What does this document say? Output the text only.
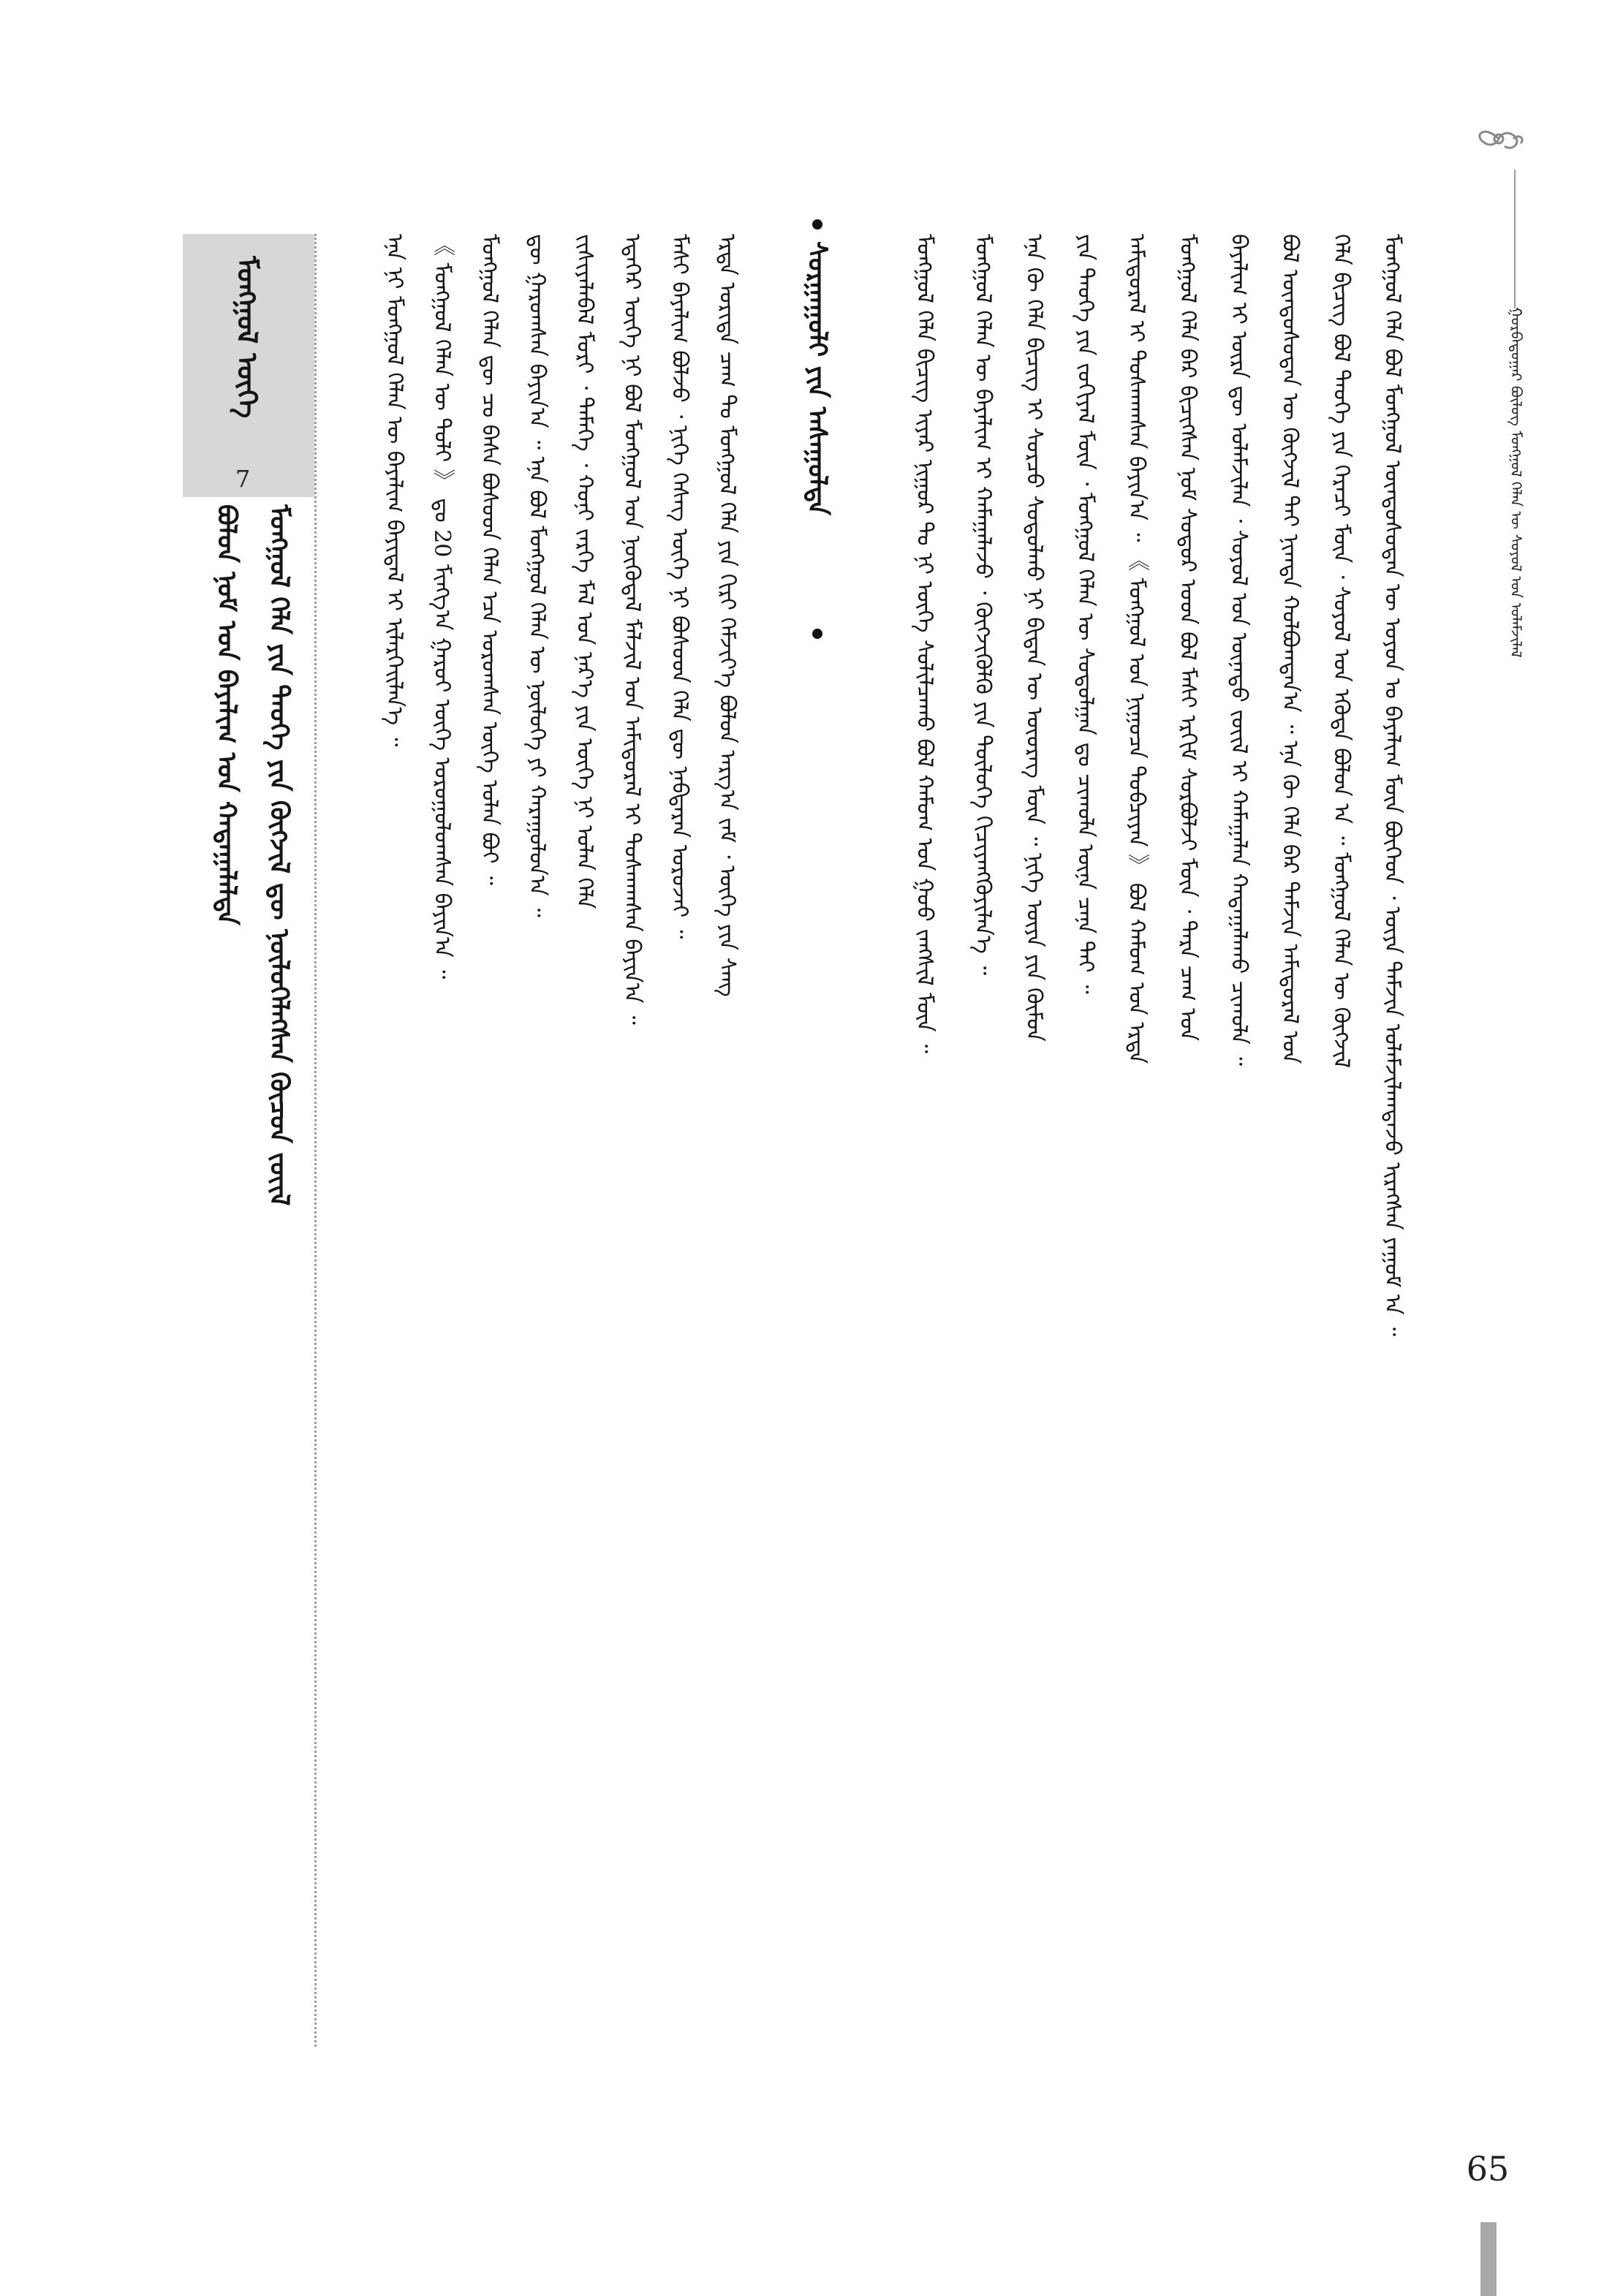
ᠭᠤᠷᠪᠠᠳᠤᠭᠠᠷ ᠪᠦᠯᠦᠭ ᠮᠣᠩᠭᠣᠯ ᠬᠡᠯᠡᠨ ᠦ ᠰᠣᠶᠣᠯ ᠤᠨ ᠤᠯᠠᠮᠵᠢᠯᠠᠯ
ᠮᠣᠩᠭᠣᠯ ᠬᠡᠯᠡ ᠪᠣᠯ ᠮᠣᠩᠭᠣᠯ ᠦᠨᠳᠦᠰᠦᠲᠡᠨ ᠦ ᠣᠶᠤᠨ ᠤ ᠪᠠᠶᠠᠯᠢᠭ ᠮᠥᠨ ᠪᠥᠭᠡᠳ ᠂ ᠦᠶᠡ ᠳᠠᠮᠵᠢᠨ ᠤᠯᠠᠮᠵᠢᠯᠠᠭᠳᠠᠵᠤ ᠢᠷᠡᠭᠰᠡᠨ ᠶᠠᠭᠤᠮ ᠠ ᠃
ᠬᠡᠯᠡ ᠪᠢᠴᠢᠭ ᠪᠣᠯ ᠲᠡᠦᠬᠡ ᠶᠢᠨ ᠭᠡᠷᠡᠴᠢ ᠮᠥᠨ ᠂ ᠰᠣᠶᠣᠯ ᠤᠨ ᠡᠭᠦᠳᠡ ᠪᠣᠯᠤᠨ ᠠ ᠃ ᠮᠣᠩᠭᠣᠯ ᠬᠡᠯᠡᠨ ᠦ ᠬᠥᠭᠵᠢᠯ
ᠪᠣᠯ ᠦᠨᠳᠦᠰᠦᠲᠡᠨ ᠦ ᠬᠥᠭᠵᠢᠯ ᠲᠡᠢ ᠨᠢᠭᠲᠠ ᠬᠣᠯᠪᠣᠭᠳᠠᠨ᠎ᠠ ᠃ ᠡᠨᠡ ᠬᠦ ᠬᠡᠯᠡ ᠪᠠᠷ ᠳᠠᠮᠵᠢᠨ ᠠᠮᠢᠳᠤᠷᠠᠯ ᠤᠨ
ᠪᠠᠶᠠᠯᠢᠭ ᠢ ᠦᠷᠡ ᠳᠦ ᠤᠯᠠᠮᠵᠢᠯᠠᠨ ᠂ ᠰᠣᠶᠣᠯ ᠤᠨ ᠦᠨᠡᠲᠦ ᠵᠦᠢᠯ ᠢ ᠬᠠᠮᠠᠭᠠᠯᠠᠨ ᠬᠠᠳᠠᠭᠠᠯᠠᠬᠤ ᠴᠢᠬᠤᠯᠠ ᠃
ᠮᠣᠩᠭᠣᠯ ᠬᠡᠯᠡ ᠪᠠᠷ ᠪᠢᠴᠢᠭᠰᠡᠨ ᠨᠣᠮ ᠰᠤᠳᠤᠷ ᠤᠳ ᠪᠣᠯ ᠮᠠᠰᠢ ᠡᠷᠬᠢᠮ ᠰᠤᠷᠪᠤᠯᠵᠢ ᠮᠥᠨ ᠂ ᠲᠡᠷᠡ ᠴᠠᠭ ᠤᠨ
ᠠᠮᠢᠳᠤᠷᠠᠯ ᠢ ᠲᠤᠰᠬᠠᠭᠰᠠᠨ ᠪᠠᠶᠢᠨ᠎ᠠ ᠃ 《 ᠮᠣᠩᠭᠣᠯ ᠤᠨ ᠨᠢᠭᠤᠴᠠ ᠲᠣᠪᠴᠢᠶᠠᠨ 》 ᠪᠣᠯ ᠬᠠᠮᠤᠭ ᠤᠨ ᠡᠷᠲᠡ
ᠶᠢᠨ ᠲᠡᠦᠬᠡ ᠶᠢᠨ ᠵᠣᠬᠢᠶᠠᠯ ᠮᠥᠨ ᠂ ᠮᠣᠩᠭᠣᠯ ᠬᠡᠯᠡᠨ ᠦ ᠰᠤᠳᠤᠯᠭᠠᠨ ᠳᠤ ᠴᠢᠬᠤᠯᠠ ᠦᠨᠡ ᠴᠡᠨᠡ ᠲᠡᠢ ᠃
ᠡᠨᠡ ᠬᠦ ᠬᠡᠯᠡ ᠪᠢᠴᠢᠭ ᠢ ᠰᠤᠷᠴᠤ ᠰᠤᠳᠤᠯᠬᠤ ᠨᠢ ᠪᠢᠳᠡᠨ ᠦ ᠦᠦᠷᠡᠭ ᠮᠥᠨ ᠃ ᠨᠢᠭᠡ ᠦᠶᠡ ᠶᠢᠨ ᠬᠦᠮᠦᠨ
ᠮᠣᠩᠭᠣᠯ ᠬᠡᠯᠡᠨ ᠦ ᠪᠠᠶᠠᠯᠢᠭ ᠢ ᠬᠠᠮᠠᠭᠠᠯᠠᠵᠤ ᠂ ᠬᠥᠭᠵᠢᠭᠦᠯᠬᠦ ᠶᠢᠨ ᠲᠥᠯᠥᠭᠡ ᠬᠢᠴᠢᠶᠡᠩᠭᠦᠶᠢᠯᠡᠨ᠎ᠡ ᠃
ᠮᠣᠩᠭᠣᠯ ᠬᠡᠯᠡ ᠪᠢᠴᠢᠭ ᠢᠶᠡᠷ ᠨᠢᠭᠤᠷ ᠲᠤ ᠨᠢ ᠦᠭᠡ ᠰᠣᠯᠢᠯᠴᠠᠬᠤ ᠪᠣᠯ ᠬᠠᠮᠤᠭ ᠤᠨ ᠭᠣᠣ ᠵᠠᠩᠱᠢᠯ ᠮᠥᠨ ᠃
ᠰᠤᠷᠭᠠᠭᠤᠯᠢ ᠶᠢᠨ ᠠᠰᠠᠭᠤᠯᠲᠠ
ᠮᠣᠩᠭᠣᠯ ᠦᠭᠡ
7
ᠮᠣᠩᠭᠣᠯ ᠬᠡᠯᠡ ᠶᠢᠨ ᠲᠡᠦᠬᠡ ᠶᠢᠨ ᠬᠥᠭᠵᠢᠯ ᠳᠦ ᠨᠥᠯᠦᠭᠡᠯᠡᠭᠰᠡᠨ ᠬᠦᠴᠦᠨ ᠵᠦᠢᠯ
ᠪᠣᠯᠤᠨ ᠨᠣᠮ ᠤᠨ ᠪᠠᠶᠠᠯᠢᠭ ᠤᠨ ᠬᠠᠳᠠᠭᠠᠯᠠᠯᠲᠠ	ᠡᠷᠲᠡ ᠤᠷᠢᠳᠠ ᠴᠠᠭ ᠲᠤ ᠮᠣᠩᠭᠣᠯ ᠬᠡᠯᠡ ᠶᠢᠨ ᠬᠢᠷᠢ ᠬᠡᠮᠵᠢᠶ᠎ᠡ ᠪᠣᠯᠤᠨ ᠠᠷᠭ᠎ᠠ ᠵᠠᠮ ᠂ ᠦᠭᠡ ᠶᠢᠨ ᠰᠠᠩ
ᠮᠠᠰᠢ ᠪᠠᠶᠠᠯᠢᠭ ᠪᠣᠯᠵᠤ ᠂ ᠨᠢᠭᠡ ᠬᠡᠰᠡᠭ ᠦᠭᠡ ᠨᠢ ᠪᠤᠰᠤᠳ ᠬᠡᠯᠡ ᠳᠦ ᠨᠡᠪᠲᠡᠷᠡᠨ ᠣᠷᠣᠵᠠᠢ ᠃
ᠡᠳᠡᠭᠡᠷ ᠦᠭᠡ ᠨᠢ ᠪᠣᠯ ᠮᠣᠩᠭᠣᠯ ᠤᠨ ᠨᠦᠭᠦᠳᠡᠯ ᠮᠠᠯᠵᠢᠯ ᠤᠨ ᠠᠮᠢᠳᠤᠷᠠᠯ ᠢ ᠲᠤᠰᠬᠠᠭᠰᠠᠨ ᠪᠠᠶᠢᠨ᠎ᠠ ᠃
ᠵᠢᠱᠢᠶᠡᠯᠡᠪᠡᠯ ᠮᠣᠷᠢ ᠂ ᠲᠡᠮᠡᠭᠡ ᠂ ᠬᠣᠨᠢ ᠵᠡᠷᠭᠡ ᠮᠠᠯ ᠤᠨ ᠨᠡᠷ᠎ᠡ ᠶᠢᠨ ᠦᠭᠡ ᠨᠢ ᠣᠯᠠᠨ ᠬᠡᠯᠡ
ᠳᠦ ᠭᠠᠷᠤᠭᠰᠠᠨ ᠪᠠᠶᠢᠨ᠎ᠠ ᠃ ᠡᠨᠡ ᠪᠣᠯ ᠮᠣᠩᠭᠣᠯ ᠬᠡᠯᠡᠨ ᠦ ᠨᠥᠯᠦᠭᠡ ᠶᠢ ᠬᠠᠷᠠᠭᠤᠯᠤᠨ᠎ᠠ ᠃
ᠮᠣᠩᠭᠣᠯ ᠬᠡᠯᠡᠨ ᠳᠦ ᠴᠤ ᠪᠠᠰᠠ ᠪᠤᠰᠤᠳ ᠬᠡᠯᠡᠨ ᠡᠴᠡ ᠣᠷᠣᠭᠰᠠᠨ ᠦᠭᠡ ᠤᠯᠠᠨ ᠪᠣᠢ ᠃
《 ᠮᠣᠩᠭᠣᠯ ᠬᠡᠯᠡᠨ ᠦ ᠲᠣᠯᠢ 》 ᠳᠤ 20 ᠮᠢᠩᠭ᠎ᠠ ᠭᠠᠷᠤᠢ ᠦᠭᠡ ᠣᠷᠣᠭᠤᠯᠤᠭᠰᠠᠨ ᠪᠠᠶᠢᠨ᠎ᠠ ᠃
ᠡᠨᠡ ᠨᠢ ᠮᠣᠩᠭᠣᠯ ᠬᠡᠯᠡᠨ ᠦ ᠪᠠᠶᠠᠯᠢᠭ ᠪᠠᠶᠢᠳᠠᠯ ᠢ ᠢᠯᠡᠷᠬᠡᠢᠯᠡᠨ᠎ᠡ ᠃
65
